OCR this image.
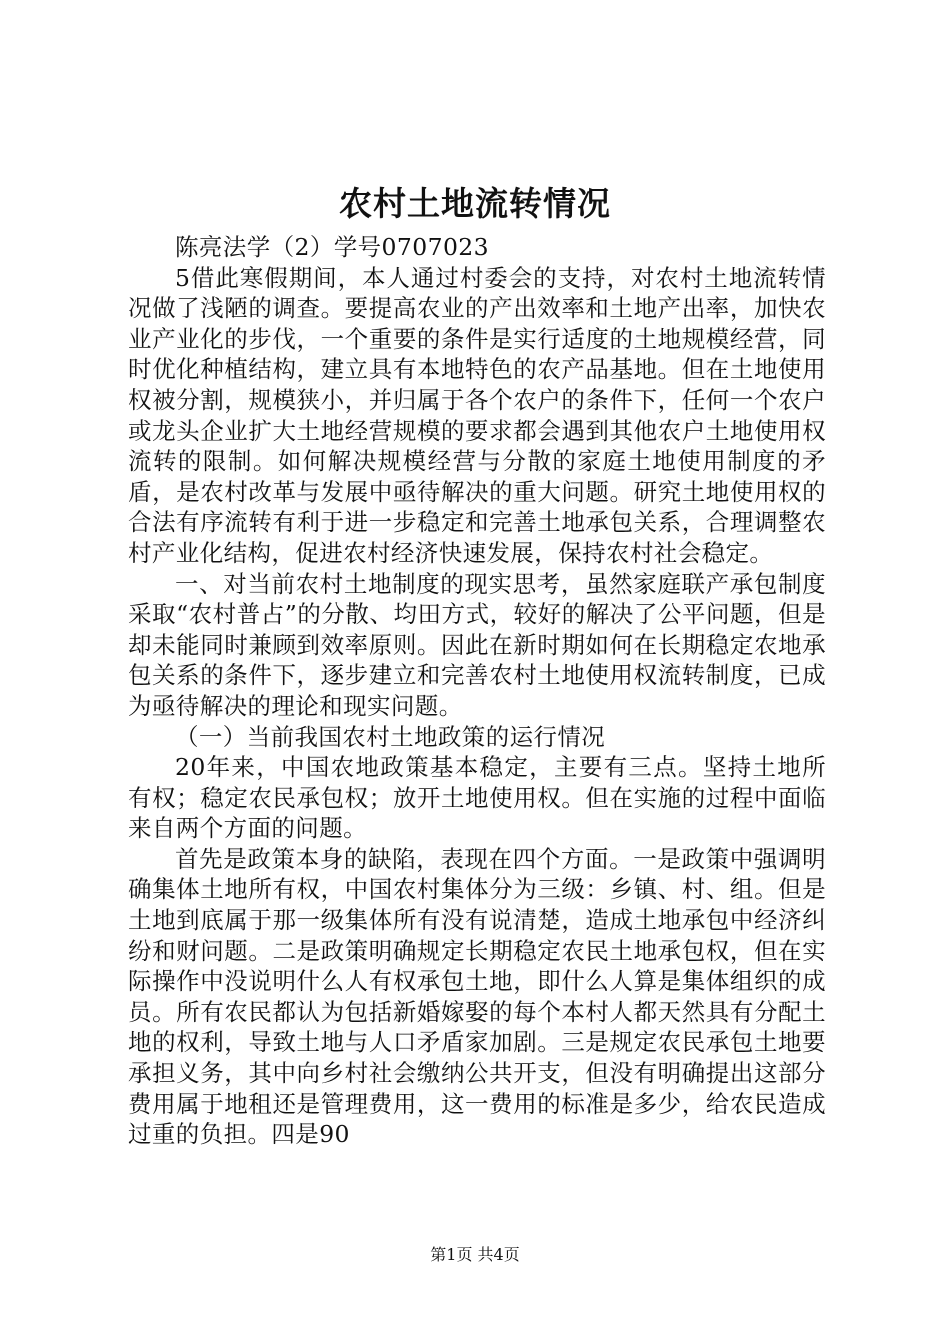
农村土地流转情况

陈亮法学（2）学号0707023

5借此寒假期间，本人通过村委会的支持，对农村土地流转情况做了浅陋的调查。要提高农业的产出效率和土地产出率，加快农业产业化的步伐，一个重要的条件是实行适度的土地规模经营，同时优化种植结构，建立具有本地特色的农产品基地。但在土地使用权被分割，规模狭小，并归属于各个农户的条件下，任何一个农户或龙头企业扩大土地经营规模的要求都会遇到其他农户土地使用权流转的限制。如何解决规模经营与分散的家庭土地使用制度的矛盾，是农村改革与发展中亟待解决的重大问题。研究土地使用权的合法有序流转有利于进一步稳定和完善土地承包关系，合理调整农村产业化结构，促进农村经济快速发展，保持农村社会稳定。

一、对当前农村土地制度的现实思考，虽然家庭联产承包制度采取“农村普占”的分散、均田方式，较好的解决了公平问题，但是却未能同时兼顾到效率原则。因此在新时期如何在长期稳定农地承包关系的条件下，逐步建立和完善农村土地使用权流转制度，已成为亟待解决的理论和现实问题。

（一）当前我国农村土地政策的运行情况

20年来，中国农地政策基本稳定，主要有三点。坚持土地所有权；稳定农民承包权；放开土地使用权。但在实施的过程中面临来自两个方面的问题。

首先是政策本身的缺陷，表现在四个方面。一是政策中强调明确集体土地所有权，中国农村集体分为三级：乡镇、村、组。但是土地到底属于那一级集体所有没有说清楚，造成土地承包中经济纠纷和财问题。二是政策明确规定长期稳定农民土地承包权，但在实际操作中没说明什么人有权承包土地，即什么人算是集体组织的成员。所有农民都认为包括新婚嫁娶的每个本村人都天然具有分配土地的权利，导致土地与人口矛盾家加剧。三是规定农民承包土地要承担义务，其中向乡村社会缴纳公共开支，但没有明确提出这部分费用属于地租还是管理费用，这一费用的标准是多少，给农民造成过重的负担。四是90

第1页 共4页
